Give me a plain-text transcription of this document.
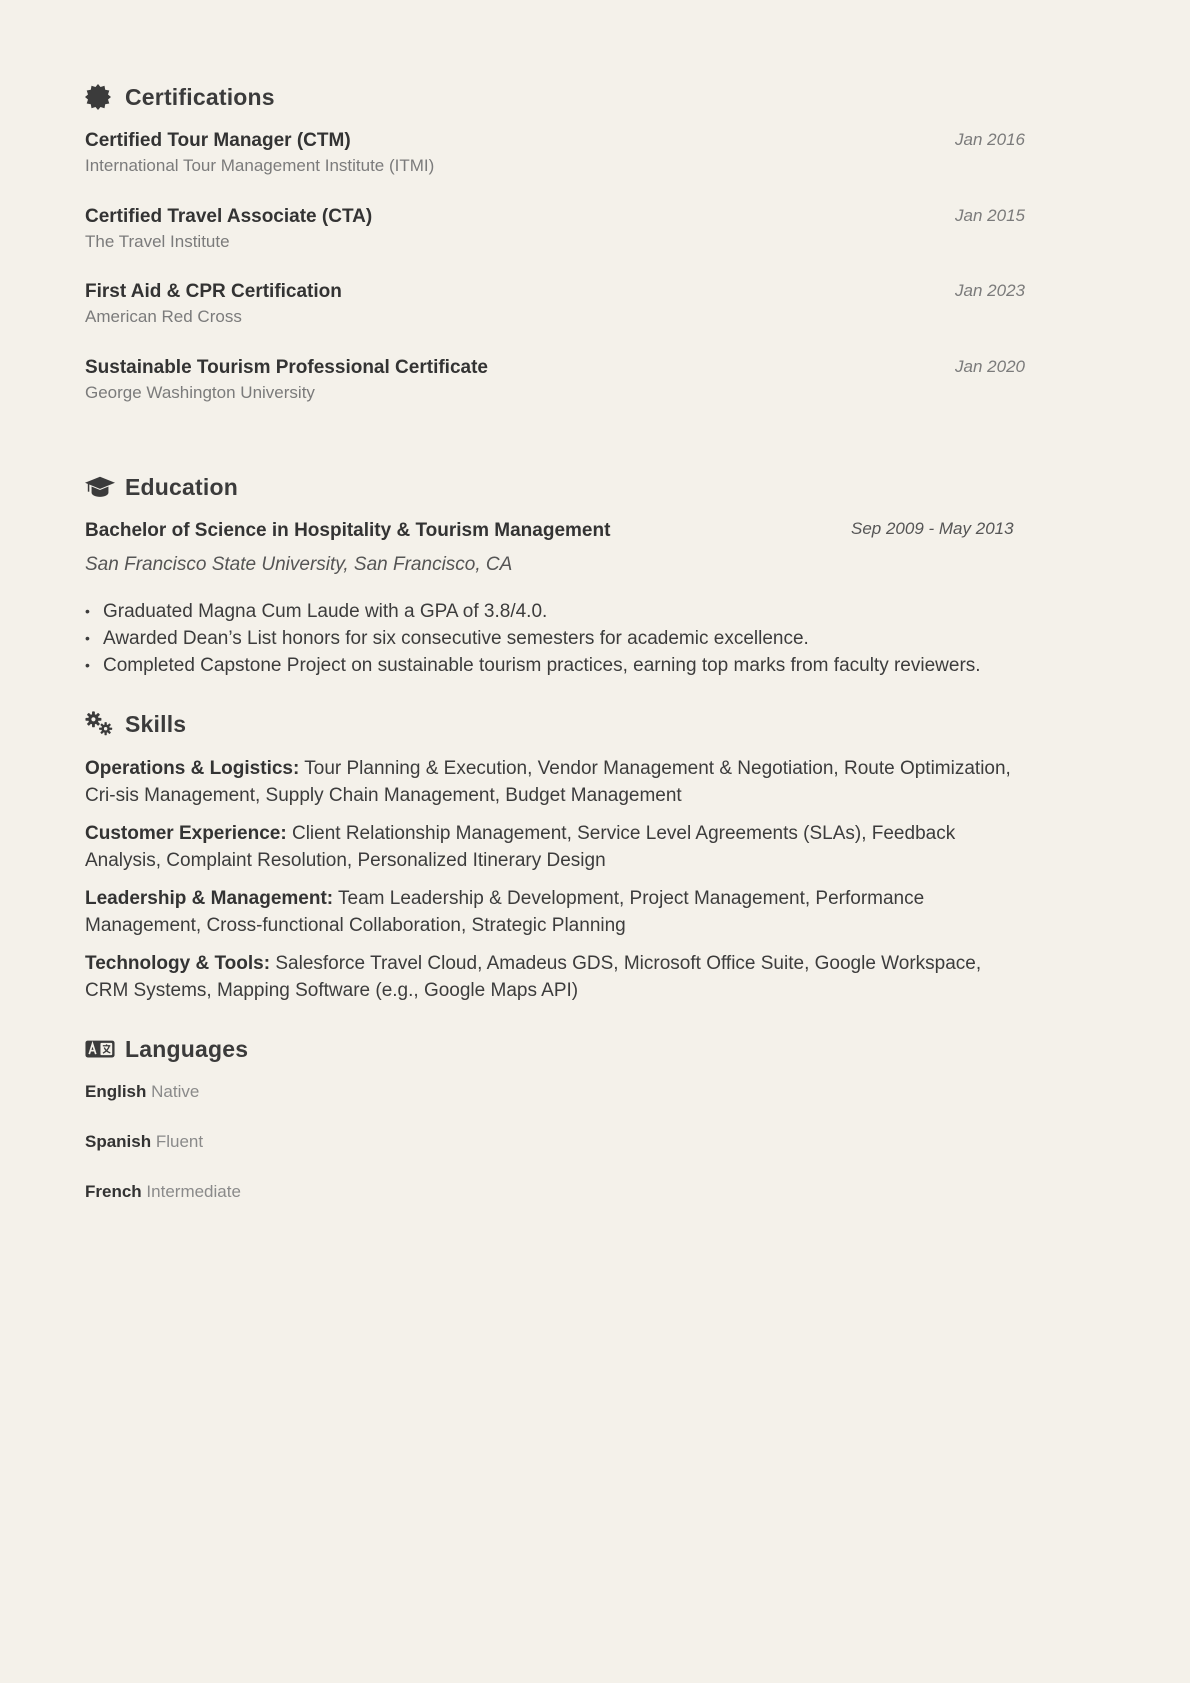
Certifications
Certified Tour Manager (CTM)
International Tour Management Institute (ITMI)
Jan 2016
Certified Travel Associate (CTA)
The Travel Institute
Jan 2015
First Aid & CPR Certification
American Red Cross
Jan 2023
Sustainable Tourism Professional Certificate
George Washington University
Jan 2020
Education
Bachelor of Science in Hospitality & Tourism Management	Sep 2009 - May 2013
San Francisco State University, San Francisco, CA
• Graduated Magna Cum Laude with a GPA of 3.8/4.0.
• Awarded Dean’s List honors for six consecutive semesters for academic excellence.
• Completed Capstone Project on sustainable tourism practices, earning top marks from faculty reviewers.
Skills
Operations & Logistics: Tour Planning & Execution, Vendor Management & Negotiation, Route Optimization, Cri-sis Management, Supply Chain Management, Budget Management
Customer Experience: Client Relationship Management, Service Level Agreements (SLAs), Feedback Analysis, Complaint Resolution, Personalized Itinerary Design
Leadership & Management: Team Leadership & Development, Project Management, Performance Management, Cross-functional Collaboration, Strategic Planning
Technology & Tools: Salesforce Travel Cloud, Amadeus GDS, Microsoft Office Suite, Google Workspace, CRM Systems, Mapping Software (e.g., Google Maps API)
Languages
English Native
Spanish Fluent
French Intermediate
